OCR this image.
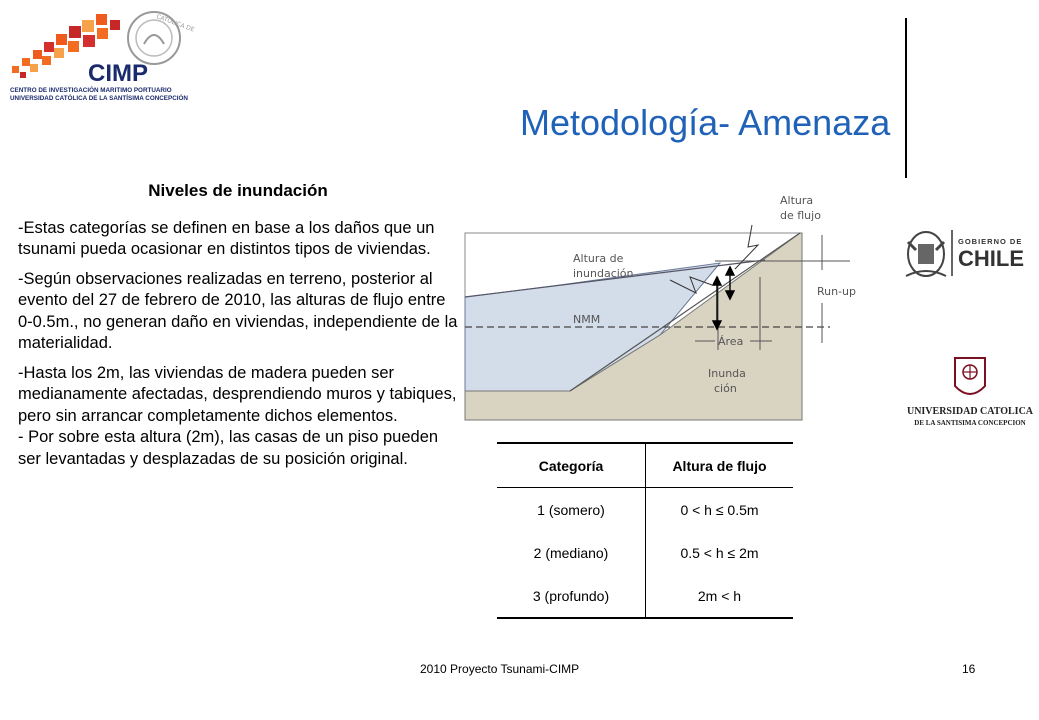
CATOLICA DE
CIMP
CENTRO DE INVESTIGACIÓN MARITIMO PORTUARIO
UNIVERSIDAD CATÓLICA DE LA SANTÍSIMA CONCEPCIÓN
Metodología- Amenaza
Niveles de inundación

-Estas categorías se definen en base a los daños que un tsunami pueda ocasionar en distintos tipos de viviendas.

-Según observaciones realizadas en terreno, posterior al evento del 27 de febrero de 2010, las alturas de flujo entre 0-0.5m., no generan daño en viviendas, independiente de la materialidad.

-Hasta los 2m, las viviendas de madera pueden ser medianamente afectadas, desprendiendo muros y tabiques, pero sin arrancar completamente dichos elementos.
- Por sobre esta altura (2m), las casas de un piso pueden ser levantadas y desplazadas de su posición original.

Altura
de flujo
Altura de
inundación
Run-up
NMM
Área
Inunda
ción
Categoría	Altura de flujo
1 (somero)	0 < h ≤ 0.5m
2 (mediano)	0.5 < h ≤ 2m
3 (profundo)	2m < h
GOBIERNO DE
CHILE
UNIVERSIDAD CATOLICA
DE LA SANTISIMA CONCEPCION
2010 Proyecto Tsunami-CIMP	16
